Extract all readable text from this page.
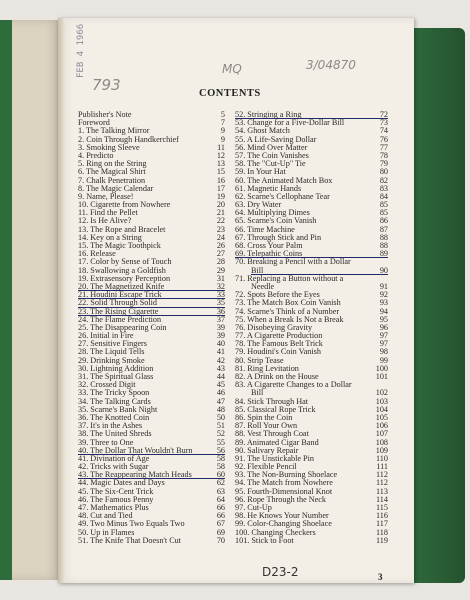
FEB 4 1966
793
MQ	3/04870
CONTENTS
Publisher's Note	5
Foreword	7
1. The Talking Mirror	9
2. Coin Through Handkerchief	9
3. Smoking Sleeve	11
4. Predicto	12
5. Ring on the String	13
6. The Magical Shirt	15
7. Chalk Penetration	16
8. The Magic Calendar	17
9. Name, Please!	19
10. Cigarette from Nowhere	20
11. Find the Pellet	21
12. Is He Alive?	22
13. The Rope and Bracelet	23
14. Key on a String	24
15. The Magic Toothpick	26
16. Release	27
17. Color by Sense of Touch	28
18. Swallowing a Goldfish	29
19. Extrasensory Perception	31
20. The Magnetized Knife	32
21. Houdini Escape Trick	33
22. Solid Through Solid	35
23. The Rising Cigarette	36
24. The Flame Prediction	37
25. The Disappearing Coin	39
26. Initial in Fire	39
27. Sensitive Fingers	40
28. The Liquid Tells	41
29. Drinking Smoke	42
30. Lightning Addition	43
31. The Spiritual Glass	44
32. Crossed Digit	45
33. The Tricky Spoon	46
34. The Talking Cards	47
35. Scarne's Bank Night	48
36. The Knotted Coin	50
37. It's in the Ashes	51
38. The United Shreds	52
39. Three to One	55
40. The Dollar That Wouldn't Burn	56
41. Divination of Age	58
42. Tricks with Sugar	58
43. The Reappearing Match Heads	60
44. Magic Dates and Days	62
45. The Six-Cent Trick	63
46. The Famous Penny	64
47. Mathematics Plus	66
48. Cut and Tied	66
49. Two Minus Two Equals Two	67
50. Up in Flames	69
51. The Knife That Doesn't Cut	70
52. Stringing a Ring	72
53. Change for a Five-Dollar Bill	73
54. Ghost Match	74
55. A Life-Saving Dollar	76
56. Mind Over Matter	77
57. The Coin Vanishes	78
58. The "Cut-Up" Tie	79
59. In Your Hat	80
60. The Animated Match Box	82
61. Magnetic Hands	83
62. Scarne's Cellophane Tear	84
63. Dry Water	85
64. Multiplying Dimes	85
65. Scarne's Coin Vanish	86
66. Time Machine	87
67. Through Stick and Pin	88
68. Cross Your Palm	88
69. Telepathic Coins	89
70. Breaking a Pencil with a Dollar
Bill	90
71. Replacing a Button without a
Needle	91
72. Spots Before the Eyes	92
73. The Match Box Coin Vanish	93
74. Scarne's Think of a Number	94
75. When a Break Is Not a Break	95
76. Disobeying Gravity	96
77. A Cigarette Production	97
78. The Famous Belt Trick	97
79. Houdini's Coin Vanish	98
80. Strip Tease	99
81. Ring Levitation	100
82. A Drink on the House	101
83. A Cigarette Changes to a Dollar
Bill	102
84. Stick Through Hat	103
85. Classical Rope Trick	104
86. Spin the Coin	105
87. Roll Your Own	106
88. Vest Through Coat	107
89. Animated Cigar Band	108
90. Salivary Repair	109
91. The Unstickable Pin	110
92. Flexible Pencil	111
93. The Non-Burning Shoelace	112
94. The Match from Nowhere	112
95. Fourth-Dimensional Knot	113
96. Rope Through the Neck	114
97. Cut-Up	115
98. He Knows Your Number	116
99. Color-Changing Shoelace	117
100. Changing Checkers	118
101. Stick to Foot	119
D23-2	3
